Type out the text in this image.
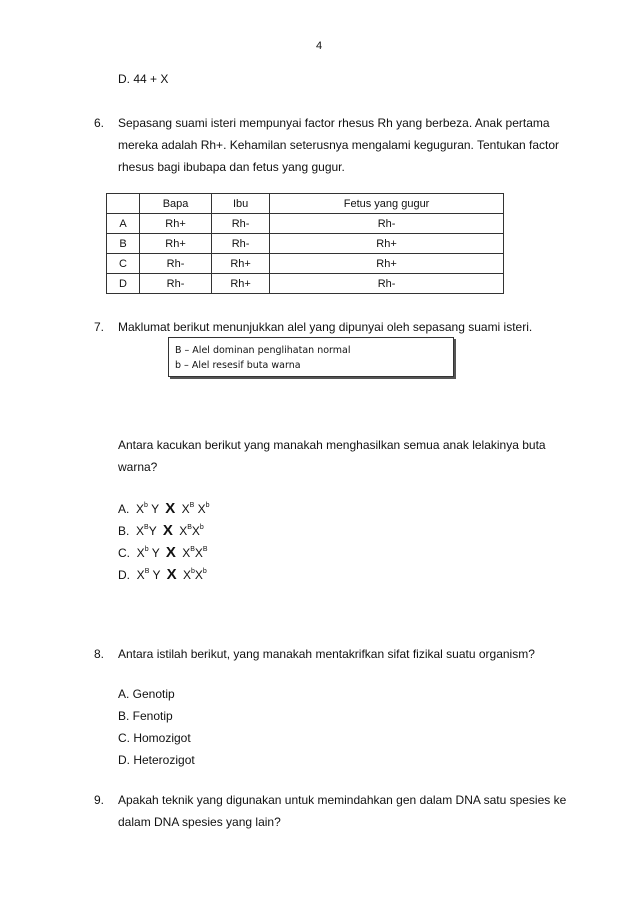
4
D. 44 + X
6. Sepasang suami isteri mempunyai factor rhesus Rh yang berbeza. Anak pertama
mereka adalah Rh+. Kehamilan seterusnya mengalami keguguran. Tentukan factor
rhesus bagi ibubapa dan fetus yang gugur.
	Bapa	Ibu	Fetus yang gugur
A	Rh+	Rh-	Rh-
B	Rh+	Rh-	Rh+
C	Rh-	Rh+	Rh+
D	Rh-	Rh+	Rh-
7. Maklumat berikut menunjukkan alel yang dipunyai oleh sepasang suami isteri.
B – Alel dominan penglihatan normal
b – Alel resesif buta warna
Antara kacukan berikut yang manakah menghasilkan semua anak lelakinya buta
warna?
A. $X^b$ Y X $X^B$ $X^b$
B. $X^BY$ X $X^BX^b$
C. $X^b$ Y X $X^BX^B$
D. $X^B$ Y X $X^bX^b$
8. Antara istilah berikut, yang manakah mentakrifkan sifat fizikal suatu organism?
A. Genotip
B. Fenotip
C. Homozigot
D. Heterozigot
9. Apakah teknik yang digunakan untuk memindahkan gen dalam DNA satu spesies ke
dalam DNA spesies yang lain?
